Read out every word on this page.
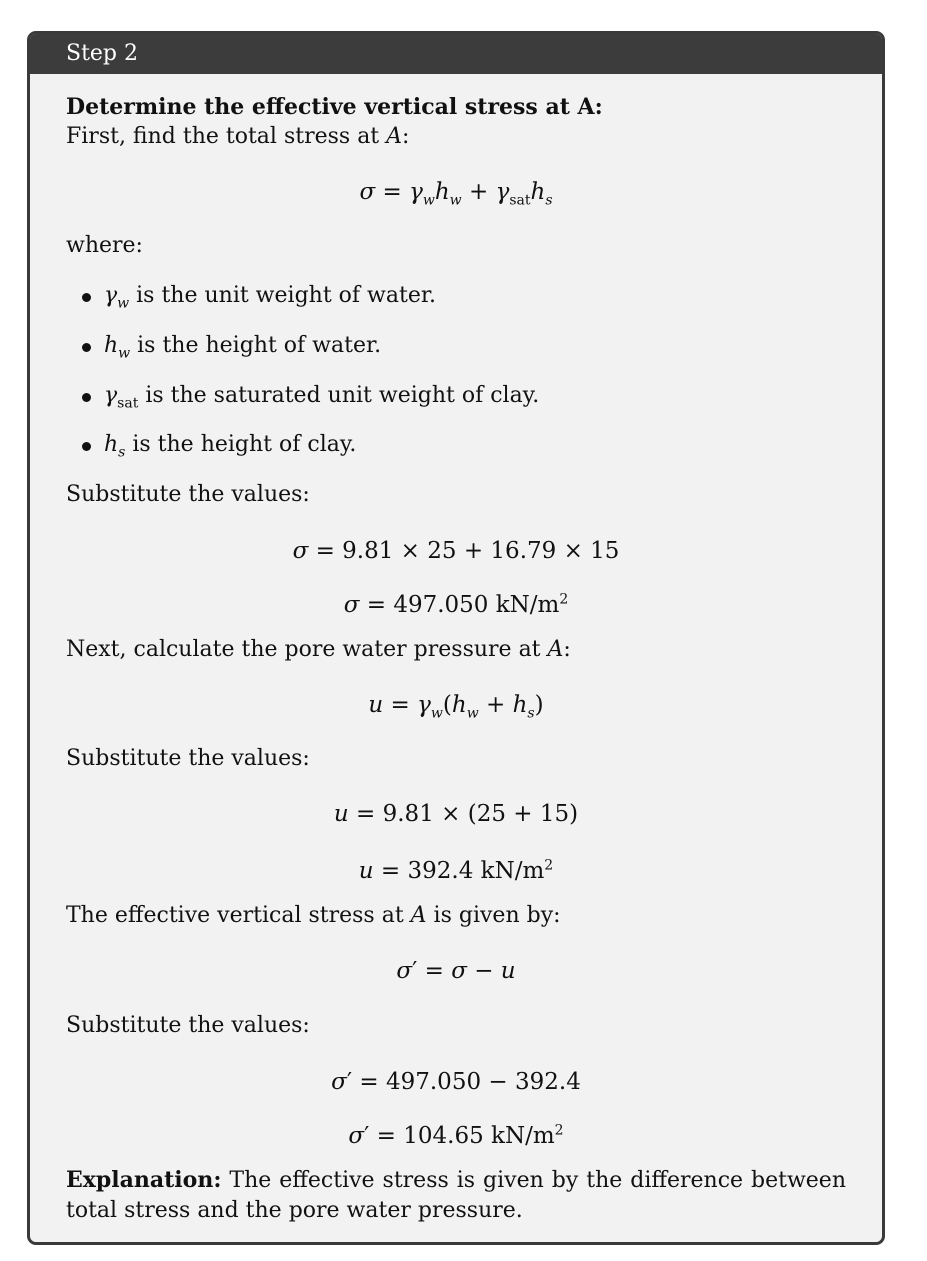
Step 2
Determine the effective vertical stress at A:
First, find the total stress at A:
$\sigma = \gamma_wh_w + \gamma_{sat}h_s$
where:
$\gamma_w$ is the unit weight of water.
$h_w$ is the height of water.
$\gamma_{sat}$ is the saturated unit weight of clay.
$h_s$ is the height of clay.
Substitute the values:
σ = 9.81 × 25 + 16.79 × 15
σ = 497.050 $kN/m^2$
Next, calculate the pore water pressure at A:
$u = \gamma_w(h_w + h_s)$
Substitute the values:
u = 9.81 × (25 + 15)
u = 392.4 $kN/m^2$
The effective vertical stress at A is given by:
σ′ = σ − u
Substitute the values:
σ′ = 497.050 − 392.4
σ′ = 104.65 $kN/m^2$
Explanation: The effective stress is given by the difference between total stress and the pore water pressure.
